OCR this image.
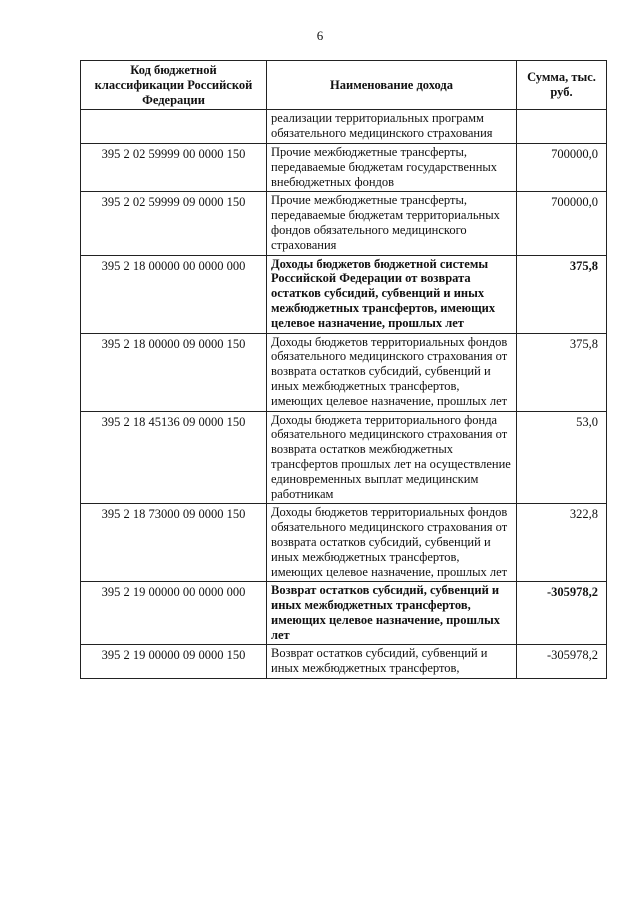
6
Код бюджетной классификации Российской Федерации	Наименование дохода	Сумма, тыс. руб.
	реализации территориальных программ обязательного медицинского страхования	
395 2 02 59999 00 0000 150	Прочие межбюджетные трансферты, передаваемые бюджетам государственных внебюджетных фондов	700000,0
395 2 02 59999 09 0000 150	Прочие межбюджетные трансферты, передаваемые бюджетам территориальных фондов обязательного медицинского страхования	700000,0
395 2 18 00000 00 0000 000	Доходы бюджетов бюджетной системы Российской Федерации от возврата остатков субсидий, субвенций и иных межбюджетных трансфертов, имеющих целевое назначение, прошлых лет	375,8
395 2 18 00000 09 0000 150	Доходы бюджетов территориальных фондов обязательного медицинского страхования от возврата остатков субсидий, субвенций и иных межбюджетных трансфертов, имеющих целевое назначение, прошлых лет	375,8
395 2 18 45136 09 0000 150	Доходы бюджета территориального фонда обязательного медицинского страхования от возврата остатков межбюджетных трансфертов прошлых лет на осуществление единовременных выплат медицинским работникам	53,0
395 2 18 73000 09 0000 150	Доходы бюджетов территориальных фондов обязательного медицинского страхования от возврата остатков субсидий, субвенций и иных межбюджетных трансфертов, имеющих целевое назначение, прошлых лет	322,8
395 2 19 00000 00 0000 000	Возврат остатков субсидий, субвенций и иных межбюджетных трансфертов, имеющих целевое назначение, прошлых лет	-305978,2
395 2 19 00000 09 0000 150	Возврат остатков субсидий, субвенций и иных межбюджетных трансфертов,	-305978,2
